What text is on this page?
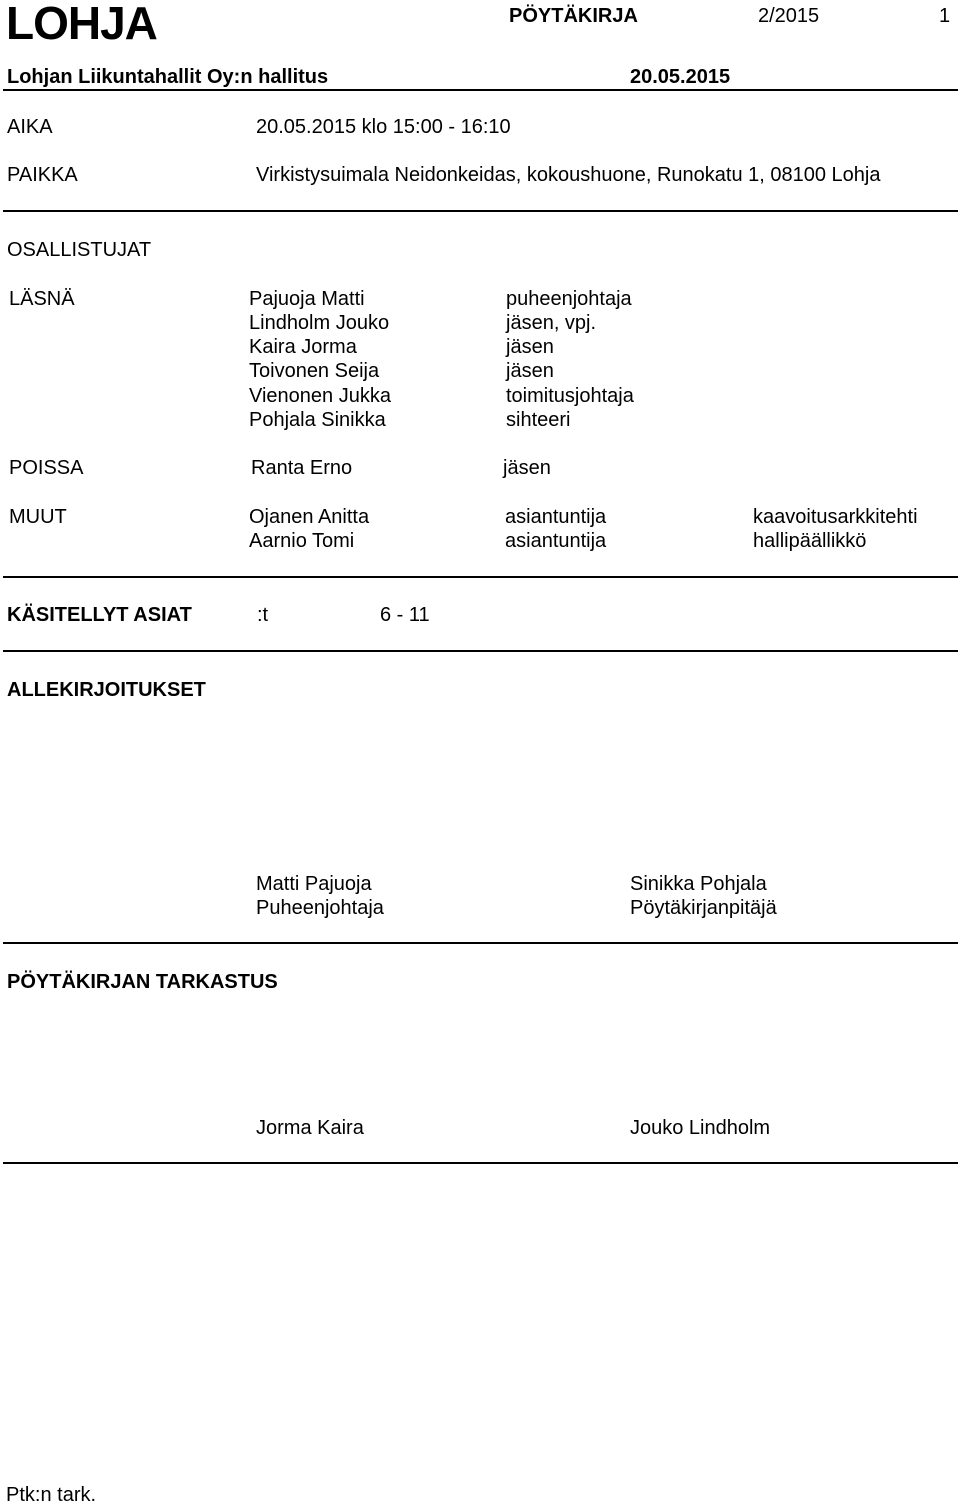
LOHJA	PÖYTÄKIRJA	2/2015	1
Lohjan Liikuntahallit Oy:n hallitus	20.05.2015
AIKA	20.05.2015 klo 15:00 - 16:10
PAIKKA	Virkistysuimala Neidonkeidas, kokoushuone, Runokatu 1, 08100 Lohja
OSALLISTUJAT
LÄSNÄ	Pajuoja Matti	puheenjohtaja
Lindholm Jouko	jäsen, vpj.
Kaira Jorma	jäsen
Toivonen Seija	jäsen
Vienonen Jukka	toimitusjohtaja
Pohjala Sinikka	sihteeri
POISSA	Ranta Erno	jäsen
MUUT	Ojanen Anitta	asiantuntija	kaavoitusarkkitehti
Aarnio Tomi	asiantuntija	hallipäällikkö
KÄSITELLYT ASIAT	:t	6 - 11
ALLEKIRJOITUKSET
Matti Pajuoja
Puheenjohtaja
Sinikka Pohjala
Pöytäkirjanpitäjä
PÖYTÄKIRJAN TARKASTUS
Jorma Kaira	Jouko Lindholm
Ptk:n tark.
